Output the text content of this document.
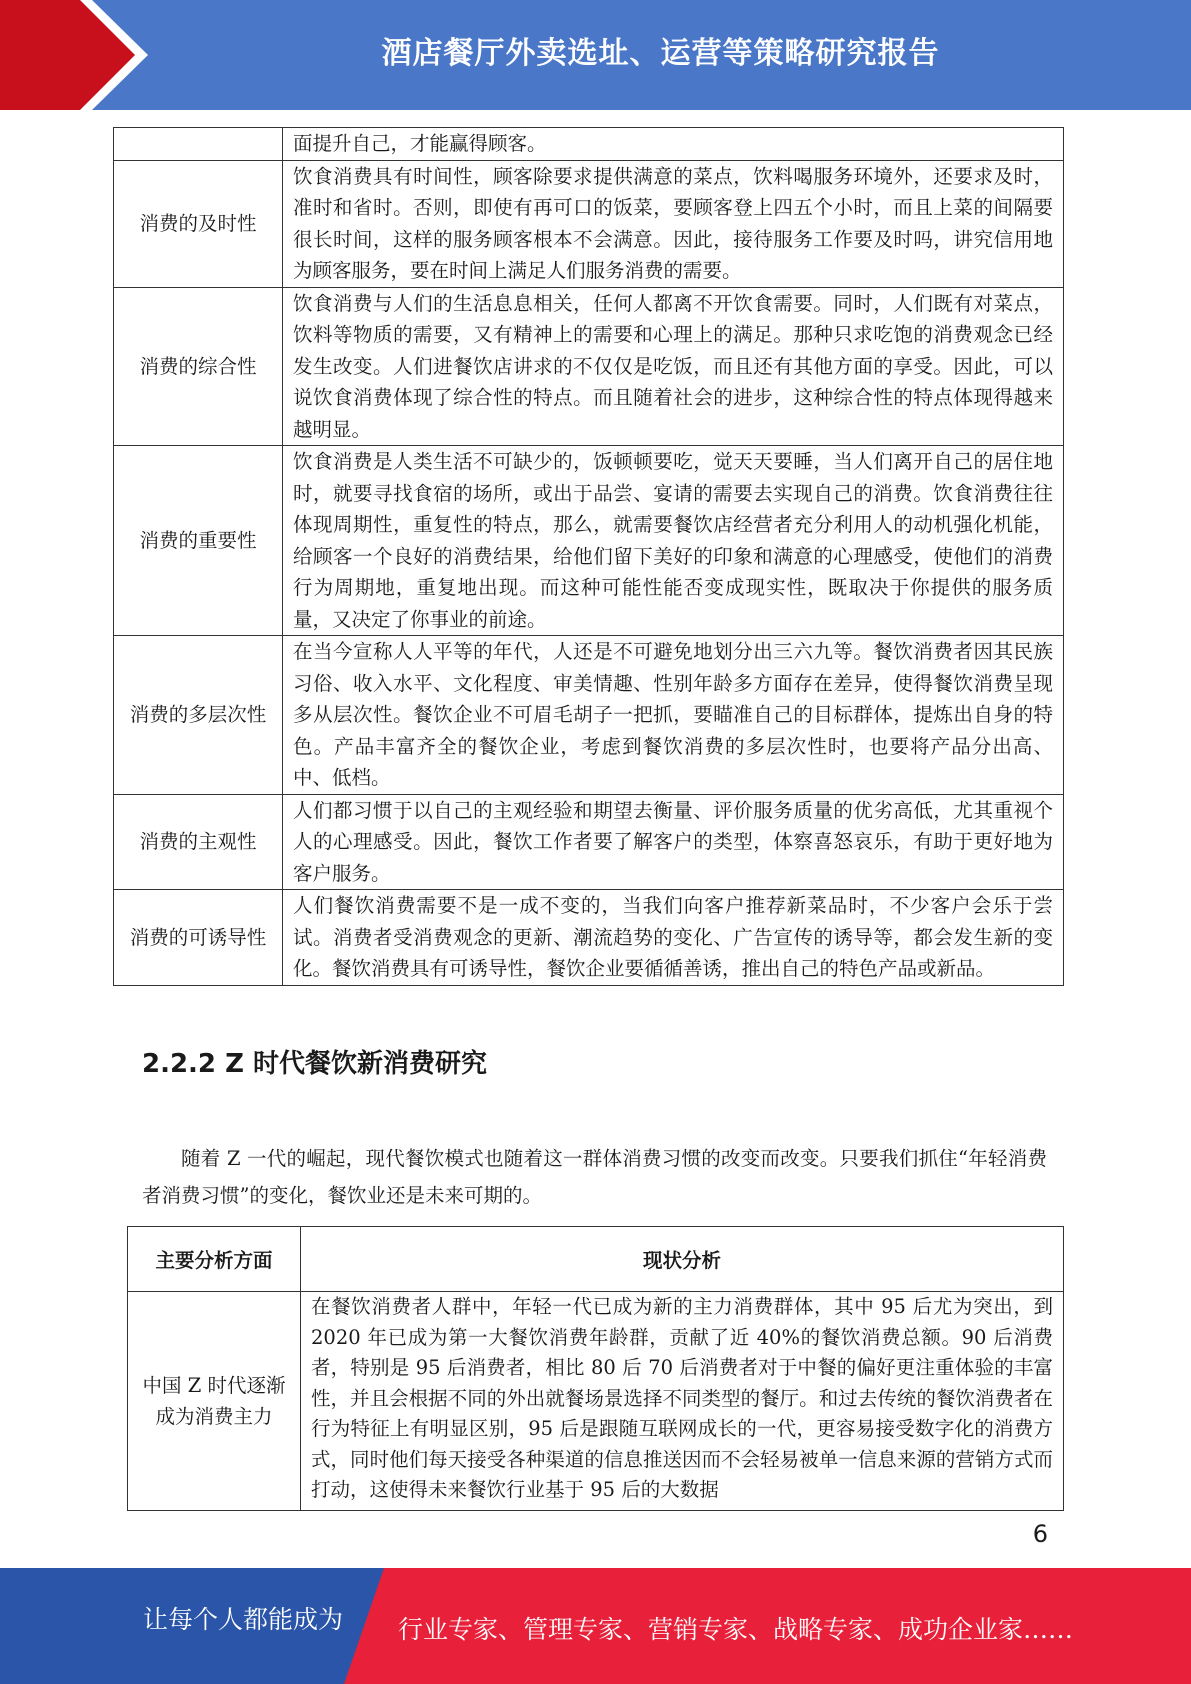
酒店餐厅外卖选址、运营等策略研究报告
	面提升自己，才能赢得顾客。
消费的及时性	饮食消费具有时间性，顾客除要求提供满意的菜点，饮料喝服务环境外，还要求及时，准时和省时。否则，即使有再可口的饭菜，要顾客登上四五个小时，而且上菜的间隔要很长时间，这样的服务顾客根本不会满意。因此，接待服务工作要及时吗，讲究信用地为顾客服务，要在时间上满足人们服务消费的需要。
消费的综合性	饮食消费与人们的生活息息相关，任何人都离不开饮食需要。同时，人们既有对菜点，饮料等物质的需要，又有精神上的需要和心理上的满足。那种只求吃饱的消费观念已经发生改变。人们进餐饮店讲求的不仅仅是吃饭，而且还有其他方面的享受。因此，可以说饮食消费体现了综合性的特点。而且随着社会的进步，这种综合性的特点体现得越来越明显。
消费的重要性	饮食消费是人类生活不可缺少的，饭顿顿要吃，觉天天要睡，当人们离开自己的居住地时，就要寻找食宿的场所，或出于品尝、宴请的需要去实现自己的消费。饮食消费往往体现周期性，重复性的特点，那么，就需要餐饮店经营者充分利用人的动机强化机能，给顾客一个良好的消费结果，给他们留下美好的印象和满意的心理感受，使他们的消费行为周期地，重复地出现。而这种可能性能否变成现实性，既取决于你提供的服务质量，又决定了你事业的前途。
消费的多层次性	在当今宣称人人平等的年代，人还是不可避免地划分出三六九等。餐饮消费者因其民族习俗、收入水平、文化程度、审美情趣、性别年龄多方面存在差异，使得餐饮消费呈现多从层次性。餐饮企业不可眉毛胡子一把抓，要瞄准自己的目标群体，提炼出自身的特色。产品丰富齐全的餐饮企业，考虑到餐饮消费的多层次性时，也要将产品分出高、中、低档。
消费的主观性	人们都习惯于以自己的主观经验和期望去衡量、评价服务质量的优劣高低，尤其重视个人的心理感受。因此，餐饮工作者要了解客户的类型，体察喜怒哀乐，有助于更好地为客户服务。
消费的可诱导性	人们餐饮消费需要不是一成不变的，当我们向客户推荐新菜品时，不少客户会乐于尝试。消费者受消费观念的更新、潮流趋势的变化、广告宣传的诱导等，都会发生新的变化。餐饮消费具有可诱导性，餐饮企业要循循善诱，推出自己的特色产品或新品。
2.2.2 Z 时代餐饮新消费研究

随着 Z 一代的崛起，现代餐饮模式也随着这一群体消费习惯的改变而改变。只要我们抓住“年轻消费者消费习惯”的变化，餐饮业还是未来可期的。

主要分析方面	现状分析
中国 Z 时代逐渐成为消费主力	在餐饮消费者人群中，年轻一代已成为新的主力消费群体，其中 95 后尤为突出，到 2020 年已成为第一大餐饮消费年龄群，贡献了近 40%的餐饮消费总额。90 后消费者，特别是 95 后消费者，相比 80 后 70 后消费者对于中餐的偏好更注重体验的丰富性，并且会根据不同的外出就餐场景选择不同类型的餐厅。和过去传统的餐饮消费者在行为特征上有明显区别，95 后是跟随互联网成长的一代，更容易接受数字化的消费方式，同时他们每天接受各种渠道的信息推送因而不会轻易被单一信息来源的营销方式而打动，这使得未来餐饮行业基于 95 后的大数据
6
让每个人都能成为 行业专家、管理专家、营销专家、战略专家、成功企业家……
